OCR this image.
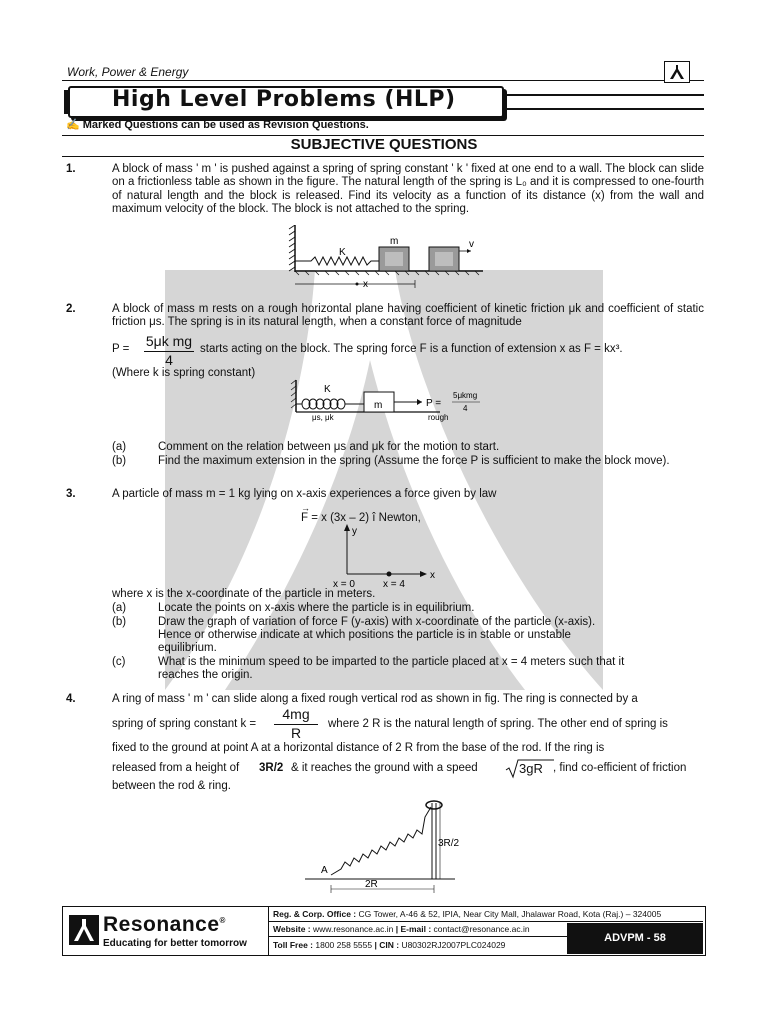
Work, Power & Energy
High Level Problems (HLP)
✍ Marked Questions can be used as Revision Questions.
SUBJECTIVE QUESTIONS
1.	A block of mass ' m ' is pushed against a spring of spring constant ' k ' fixed at one end to a wall. The block can slide on a frictionless table as shown in the figure. The natural length of the spring is L₀ and it is compressed to one-fourth of natural length and the block is released. Find its velocity as a function of its distance (x) from the wall and maximum velocity of the block. The block is not attached to the spring.
K
m	v
x
2.	A block of mass m rests on a rough horizontal plane having coefficient of kinetic friction μk and coefficient of static friction μs. The spring is in its natural length, when a constant force of magnitude
P = 5μk mg
4
starts acting on the block. The spring force F is a function of extension x as F = kx³.
(Where k is spring constant)
K
m
μs, μk
P =
5μkmg
4
rough
(a)	Comment on the relation between μs and μk for the motion to start.
(b)	Find the maximum extension in the spring (Assume the force P is sufficient to make the block move).
3.	A particle of mass m = 1 kg lying on x-axis experiences a force given by law
→
F = x (3x – 2) î Newton,
y
x
x = 0	x = 4
where x is the x-coordinate of the particle in meters.
(a)	Locate the points on x-axis where the particle is in equilibrium.
(b)	Draw the graph of variation of force F (y-axis) with x-coordinate of the particle (x-axis).
Hence or otherwise indicate at which positions the particle is in stable or unstable equilibrium.
(c)	What is the minimum speed to be imparted to the particle placed at x = 4 meters such that it reaches the origin.
4.	A ring of mass ' m ' can slide along a fixed rough vertical rod as shown in fig. The ring is connected by a
spring of spring constant k =
4mg
R
where 2 R is the natural length of spring. The other end of spring is
fixed to the ground at point A at a horizontal distance of 2 R from the base of the rod. If the ring is
released from a height of 3R/2 & it reaches the ground with a speed	3gR , find co-efficient of friction
between the rod & ring.
A
3R/2
2R
Resonance®
Educating for better tomorrow
Reg. & Corp. Office : CG Tower, A-46 & 52, IPIA, Near City Mall, Jhalawar Road, Kota (Raj.) – 324005
Website : www.resonance.ac.in | E-mail : contact@resonance.ac.in
Toll Free : 1800 258 5555 | CIN : U80302RJ2007PLC024029
ADVPM - 58
